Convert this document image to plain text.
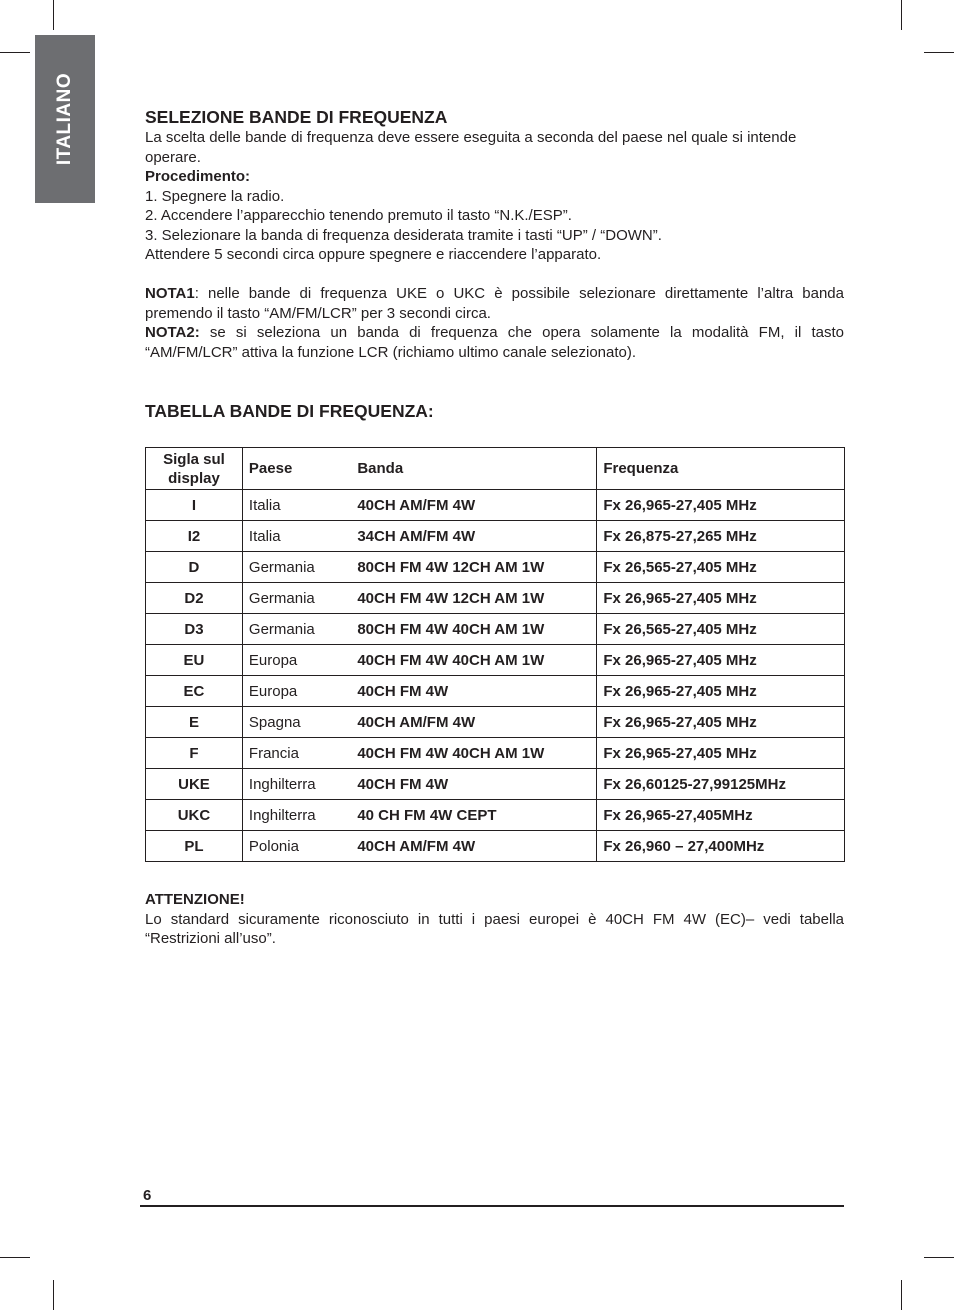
ITALIANO	SELEZIONE BANDE DI FREQUENZA

La scelta delle bande di frequenza deve essere eseguita a seconda del paese nel quale si intende operare.

Procedimento:

1. Spegnere la radio.

2. Accendere l’apparecchio tenendo premuto il tasto “N.K./ESP”.

3. Selezionare la banda di frequenza desiderata tramite i tasti “UP” / “DOWN”.

Attendere 5 secondi circa oppure spegnere e riaccendere l’apparato.

NOTA1: nelle bande di frequenza UKE o UKC è possibile selezionare direttamente l’altra banda premendo il tasto “AM/FM/LCR” per 3 secondi circa.

NOTA2: se si seleziona un banda di frequenza che opera solamente la modalità FM, il tasto “AM/FM/LCR” attiva la funzione LCR (richiamo ultimo canale selezionato).

TABELLA BANDE DI FREQUENZA:
Sigla sul display	Paese	Banda	Frequenza
I	Italia	40CH AM/FM 4W	Fx 26,965-27,405 MHz
I2	Italia	34CH AM/FM 4W	Fx 26,875-27,265 MHz
D	Germania	80CH FM 4W 12CH AM 1W	Fx 26,565-27,405 MHz
D2	Germania	40CH FM 4W 12CH AM 1W	Fx 26,965-27,405 MHz
D3	Germania	80CH FM 4W 40CH AM 1W	Fx 26,565-27,405 MHz
EU	Europa	40CH FM 4W 40CH AM 1W	Fx 26,965-27,405 MHz
EC	Europa	40CH FM 4W	Fx 26,965-27,405 MHz
E	Spagna	40CH AM/FM 4W	Fx 26,965-27,405 MHz
F	Francia	40CH FM 4W 40CH AM 1W	Fx 26,965-27,405 MHz
UKE	Inghilterra	40CH FM 4W	Fx 26,60125-27,99125MHz
UKC	Inghilterra	40 CH FM 4W CEPT	Fx 26,965-27,405MHz
PL	Polonia	40CH AM/FM 4W	Fx 26,960 – 27,400MHz

ATTENZIONE!

Lo standard sicuramente riconosciuto in tutti i paesi europei è 40CH FM 4W (EC)– vedi tabella “Restrizioni all’uso”.

6
